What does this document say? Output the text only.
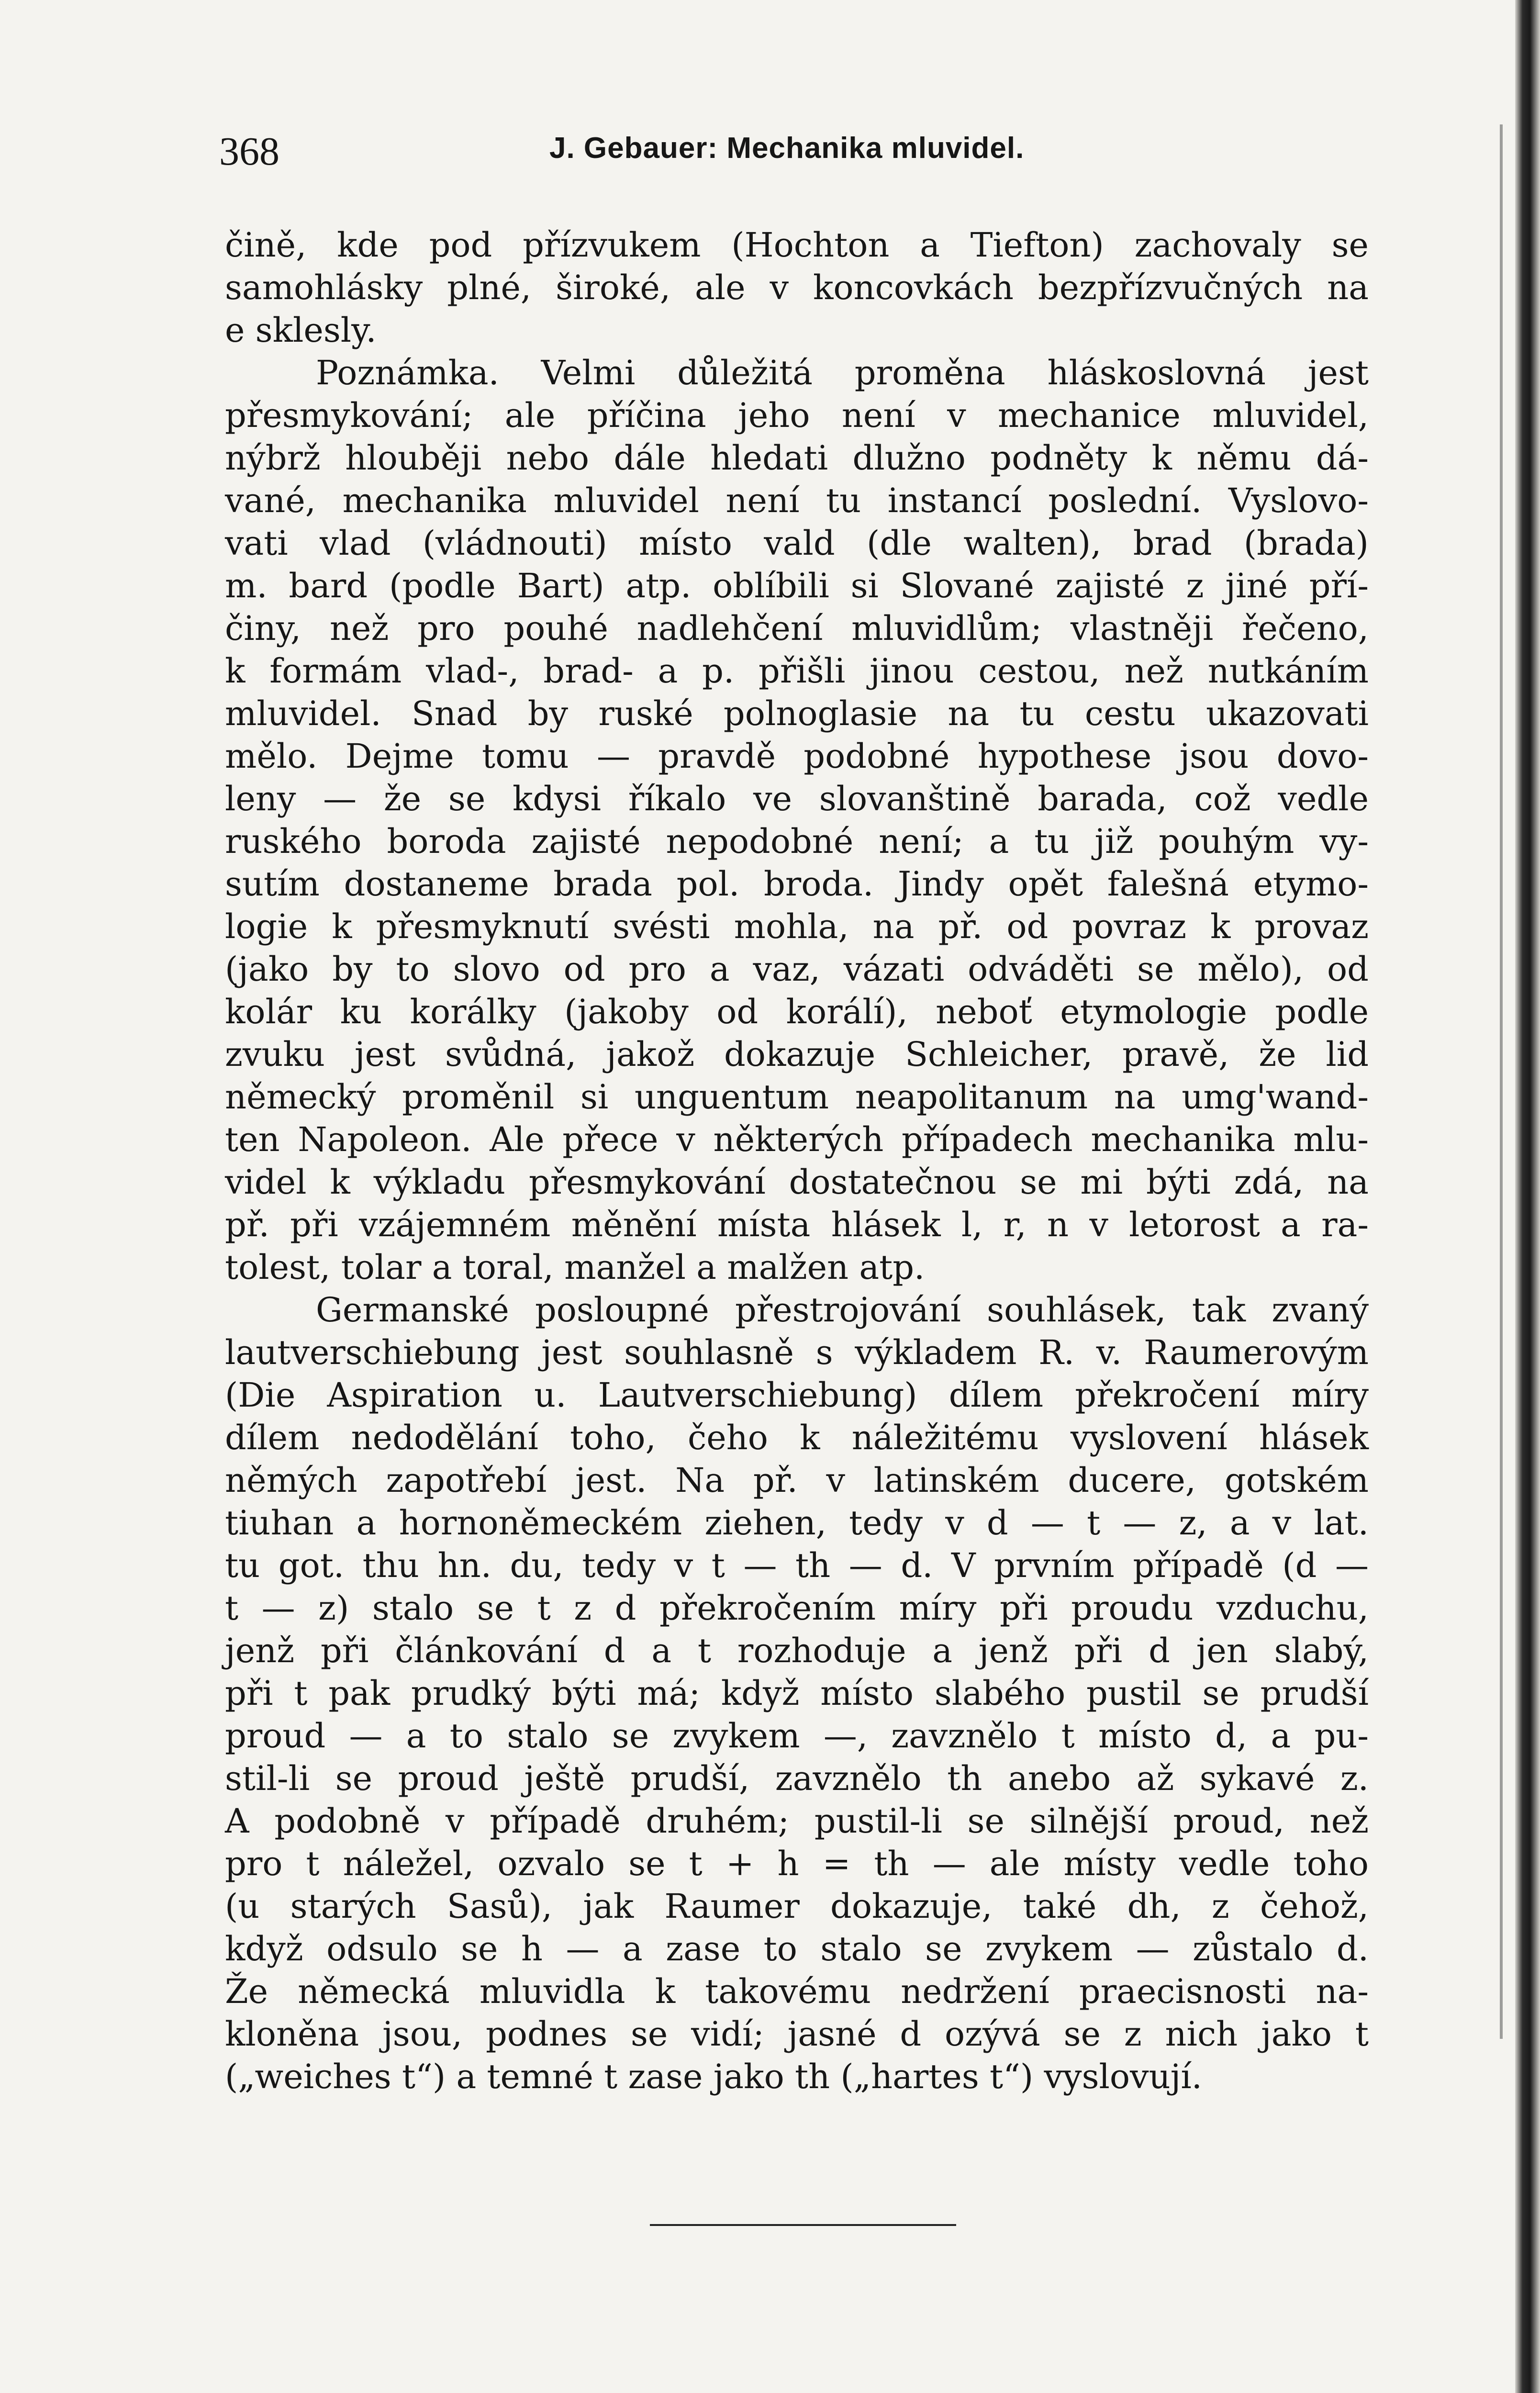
368	J. Gebauer: Mechanika mluvidel.
čině, kde pod přízvukem (Hochton a Tiefton) zachovaly se
samohlásky plné, široké, ale v koncovkách bezpřízvučných na
e sklesly.
Poznámka. Velmi důležitá proměna hláskoslovná jest
přesmykování; ale příčina jeho není v mechanice mluvidel,
nýbrž hlouběji nebo dále hledati dlužno podněty k němu dá-
vané, mechanika mluvidel není tu instancí poslední. Vyslovo-
vati vlad (vládnouti) místo vald (dle walten), brad (brada)
m. bard (podle Bart) atp. oblíbili si Slované zajisté z jiné pří-
činy, než pro pouhé nadlehčení mluvidlům; vlastněji řečeno,
k formám vlad-, brad- a p. přišli jinou cestou, než nutkáním
mluvidel. Snad by ruské polnoglasie na tu cestu ukazovati
mělo. Dejme tomu — pravdě podobné hypothese jsou dovo-
leny — že se kdysi říkalo ve slovanštině barada, což vedle
ruského boroda zajisté nepodobné není; a tu již pouhým vy-
sutím dostaneme brada pol. broda. Jindy opět falešná etymo-
logie k přesmyknutí svésti mohla, na př. od povraz k provaz
(jako by to slovo od pro a vaz, vázati odváděti se mělo), od
kolár ku korálky (jakoby od korálí), neboť etymologie podle
zvuku jest svůdná, jakož dokazuje Schleicher, pravě, že lid
německý proměnil si unguentum neapolitanum na umg'wand-
ten Napoleon. Ale přece v některých případech mechanika mlu-
videl k výkladu přesmykování dostatečnou se mi býti zdá, na
př. při vzájemném měnění místa hlásek l, r, n v letorost a ra-
tolest, tolar a toral, manžel a malžen atp.
Germanské posloupné přestrojování souhlásek, tak zvaný
lautverschiebung jest souhlasně s výkladem R. v. Raumerovým
(Die Aspiration u. Lautverschiebung) dílem překročení míry
dílem nedodělání toho, čeho k náležitému vyslovení hlásek
němých zapotřebí jest. Na př. v latinském ducere, gotském
tiuhan a hornoněmeckém ziehen, tedy v d — t — z, a v lat.
tu got. thu hn. du, tedy v t — th — d. V prvním případě (d —
t — z) stalo se t z d překročením míry při proudu vzduchu,
jenž při článkování d a t rozhoduje a jenž při d jen slabý,
při t pak prudký býti má; když místo slabého pustil se prudší
proud — a to stalo se zvykem —, zavznělo t místo d, a pu-
stil-li se proud ještě prudší, zavznělo th anebo až sykavé z.
A podobně v případě druhém; pustil-li se silnější proud, než
pro t náležel, ozvalo se t + h = th — ale místy vedle toho
(u starých Sasů), jak Raumer dokazuje, také dh, z čehož,
když odsulo se h — a zase to stalo se zvykem — zůstalo d.
Že německá mluvidla k takovému nedržení praecisnosti na-
kloněna jsou, podnes se vidí; jasné d ozývá se z nich jako t
(„weiches t“) a temné t zase jako th („hartes t“) vyslovují.
